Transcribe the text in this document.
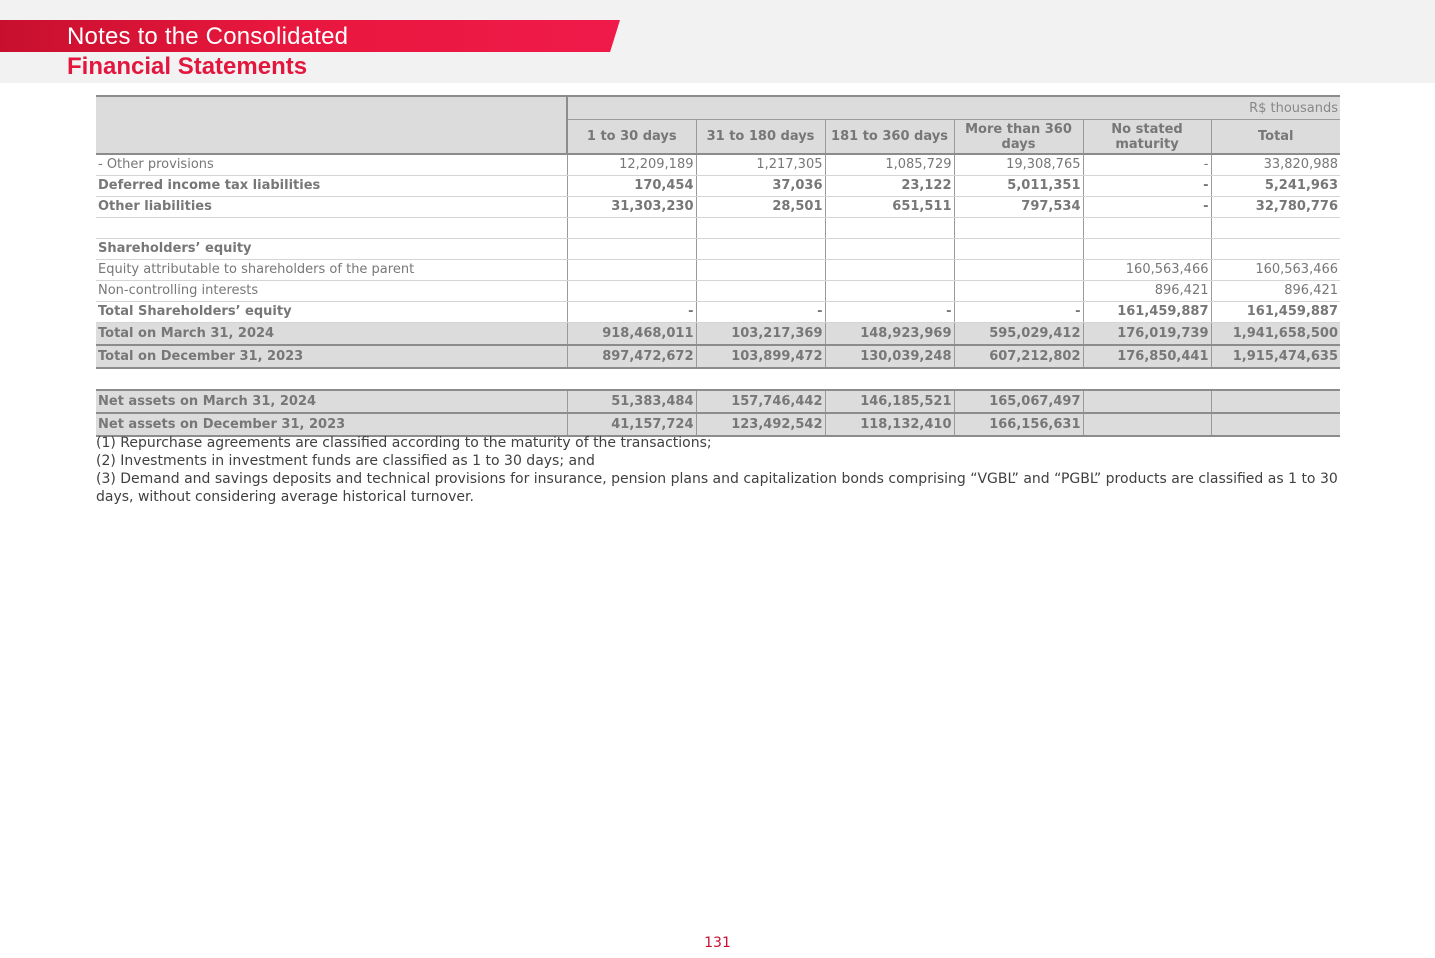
Notes to the Consolidated
Financial Statements
	R$ thousands					
	1 to 30 days	31 to 180 days	181 to 360 days	More than 360 days	No stated maturity	Total
- Other provisions	12,209,189	1,217,305	1,085,729	19,308,765	-	33,820,988
Deferred income tax liabilities	170,454	37,036	23,122	5,011,351	-	5,241,963
Other liabilities	31,303,230	28,501	651,511	797,534	-	32,780,776

Shareholders’ equity						
Equity attributable to shareholders of the parent					160,563,466	160,563,466
Non-controlling interests					896,421	896,421
Total Shareholders’ equity	-	-	-	-	161,459,887	161,459,887
Total on March 31, 2024	918,468,011	103,217,369	148,923,969	595,029,412	176,019,739	1,941,658,500
Total on December 31, 2023	897,472,672	103,899,472	130,039,248	607,212,802	176,850,441	1,915,474,635

Net assets on March 31, 2024	51,383,484	157,746,442	146,185,521	165,067,497		
Net assets on December 31, 2023	41,157,724	123,492,542	118,132,410	166,156,631		
(1) Repurchase agreements are classified according to the maturity of the transactions;
(2) Investments in investment funds are classified as 1 to 30 days; and
(3) Demand and savings deposits and technical provisions for insurance, pension plans and capitalization bonds comprising “VGBL” and “PGBL” products are classified as 1 to 30 days, without considering average historical turnover.
131
